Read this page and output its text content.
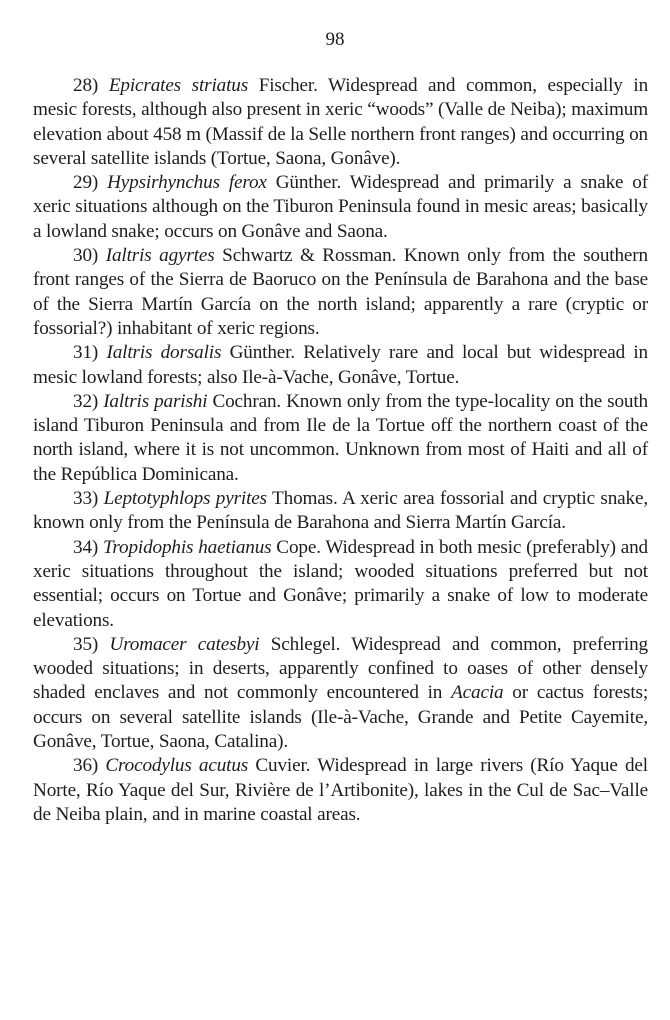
98

28) Epicrates striatus Fischer. Widespread and common, especially in mesic forests, although also present in xeric “woods” (Valle de Neiba); maximum elevation about 458 m (Massif de la Selle northern front ranges) and occurring on several satellite islands (Tortue, Saona, Gonâve).

29) Hypsirhynchus ferox Günther. Widespread and primarily a snake of xeric situations although on the Tiburon Peninsula found in mesic areas; basically a lowland snake; occurs on Gonâve and Saona.

30) Ialtris agyrtes Schwartz & Rossman. Known only from the southern front ranges of the Sierra de Baoruco on the Península de Barahona and the base of the Sierra Martín García on the north island; apparently a rare (cryptic or fossorial?) inhabitant of xeric regions.

31) Ialtris dorsalis Günther. Relatively rare and local but widespread in mesic lowland forests; also Ile-à-Vache, Gonâve, Tortue.

32) Ialtris parishi Cochran. Known only from the type-locality on the south island Tiburon Peninsula and from Ile de la Tortue off the northern coast of the north island, where it is not uncommon. Unknown from most of Haiti and all of the República Dominicana.

33) Leptotyphlops pyrites Thomas. A xeric area fossorial and cryptic snake, known only from the Península de Barahona and Sierra Martín García.

34) Tropidophis haetianus Cope. Widespread in both mesic (preferably) and xeric situations throughout the island; wooded situations preferred but not essential; occurs on Tortue and Gonâve; primarily a snake of low to moderate elevations.

35) Uromacer catesbyi Schlegel. Widespread and common, preferring wooded situations; in deserts, apparently confined to oases of other densely shaded enclaves and not commonly encountered in Acacia or cactus forests; occurs on several satellite islands (Ile-à-Vache, Grande and Petite Cayemite, Gonâve, Tortue, Saona, Catalina).

36) Crocodylus acutus Cuvier. Widespread in large rivers (Río Yaque del Norte, Río Yaque del Sur, Rivière de l’Artibonite), lakes in the Cul de Sac–Valle de Neiba plain, and in marine coastal areas.
